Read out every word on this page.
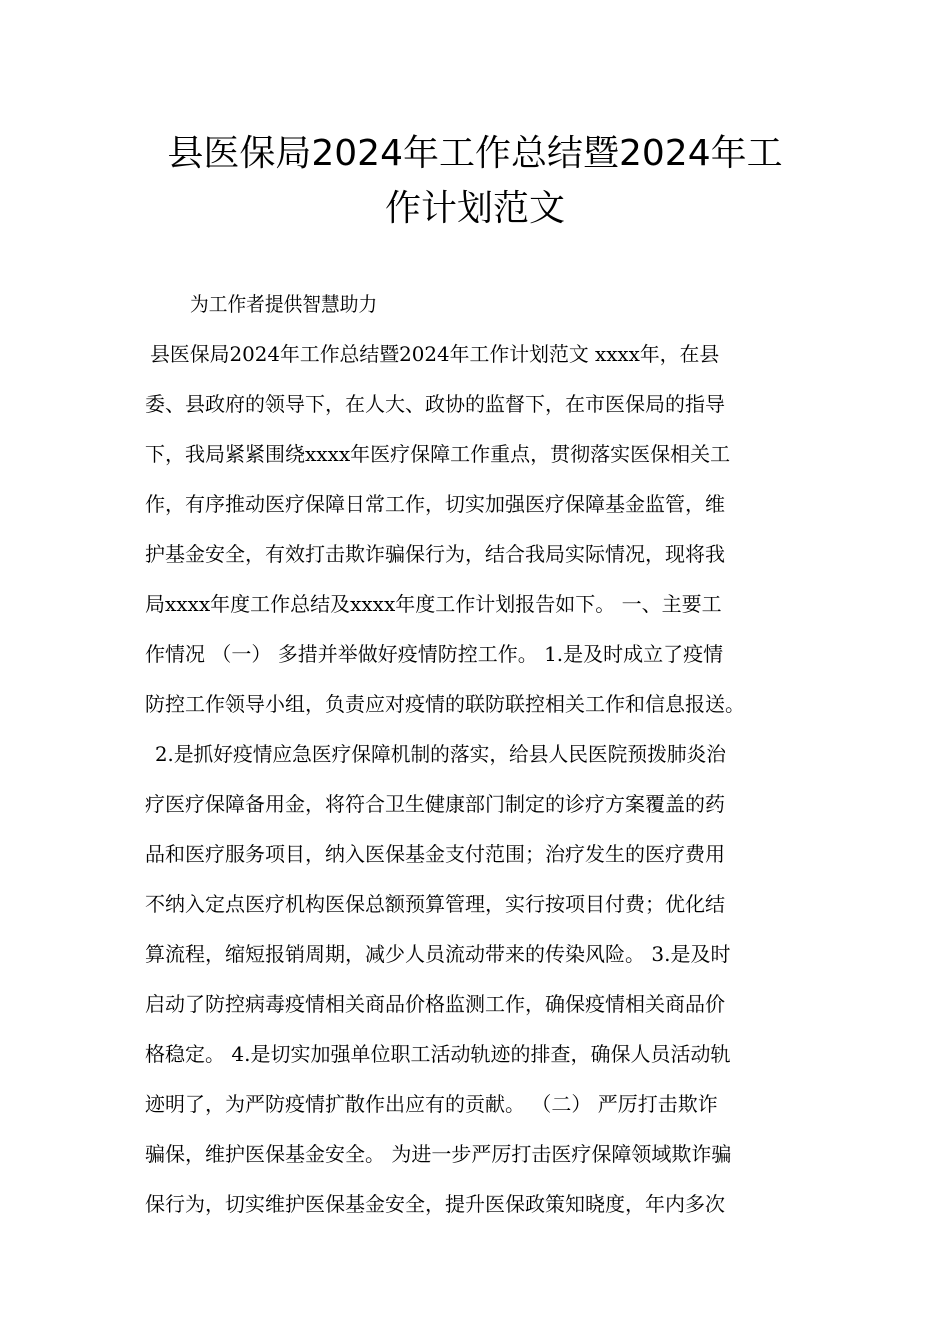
县医保局2024年工作总结暨2024年工
作计划范文
为工作者提供智慧助力
县医保局2024年工作总结暨2024年工作计划范文 xxxx年，在县
委、县政府的领导下，在人大、政协的监督下，在市医保局的指导
下，我局紧紧围绕xxxx年医疗保障工作重点，贯彻落实医保相关工
作，有序推动医疗保障日常工作，切实加强医疗保障基金监管，维
护基金安全，有效打击欺诈骗保行为，结合我局实际情况，现将我
局xxxx年度工作总结及xxxx年度工作计划报告如下。 一、主要工
作情况 （一） 多措并举做好疫情防控工作。 1.是及时成立了疫情
防控工作领导小组，负责应对疫情的联防联控相关工作和信息报送。
2.是抓好疫情应急医疗保障机制的落实，给县人民医院预拨肺炎治
疗医疗保障备用金，将符合卫生健康部门制定的诊疗方案覆盖的药
品和医疗服务项目，纳入医保基金支付范围；治疗发生的医疗费用
不纳入定点医疗机构医保总额预算管理，实行按项目付费；优化结
算流程，缩短报销周期，减少人员流动带来的传染风险。 3.是及时
启动了防控病毒疫情相关商品价格监测工作，确保疫情相关商品价
格稳定。 4.是切实加强单位职工活动轨迹的排查，确保人员活动轨
迹明了，为严防疫情扩散作出应有的贡献。 （二） 严厉打击欺诈
骗保，维护医保基金安全。 为进一步严厉打击医疗保障领域欺诈骗
保行为，切实维护医保基金安全，提升医保政策知晓度，年内多次
